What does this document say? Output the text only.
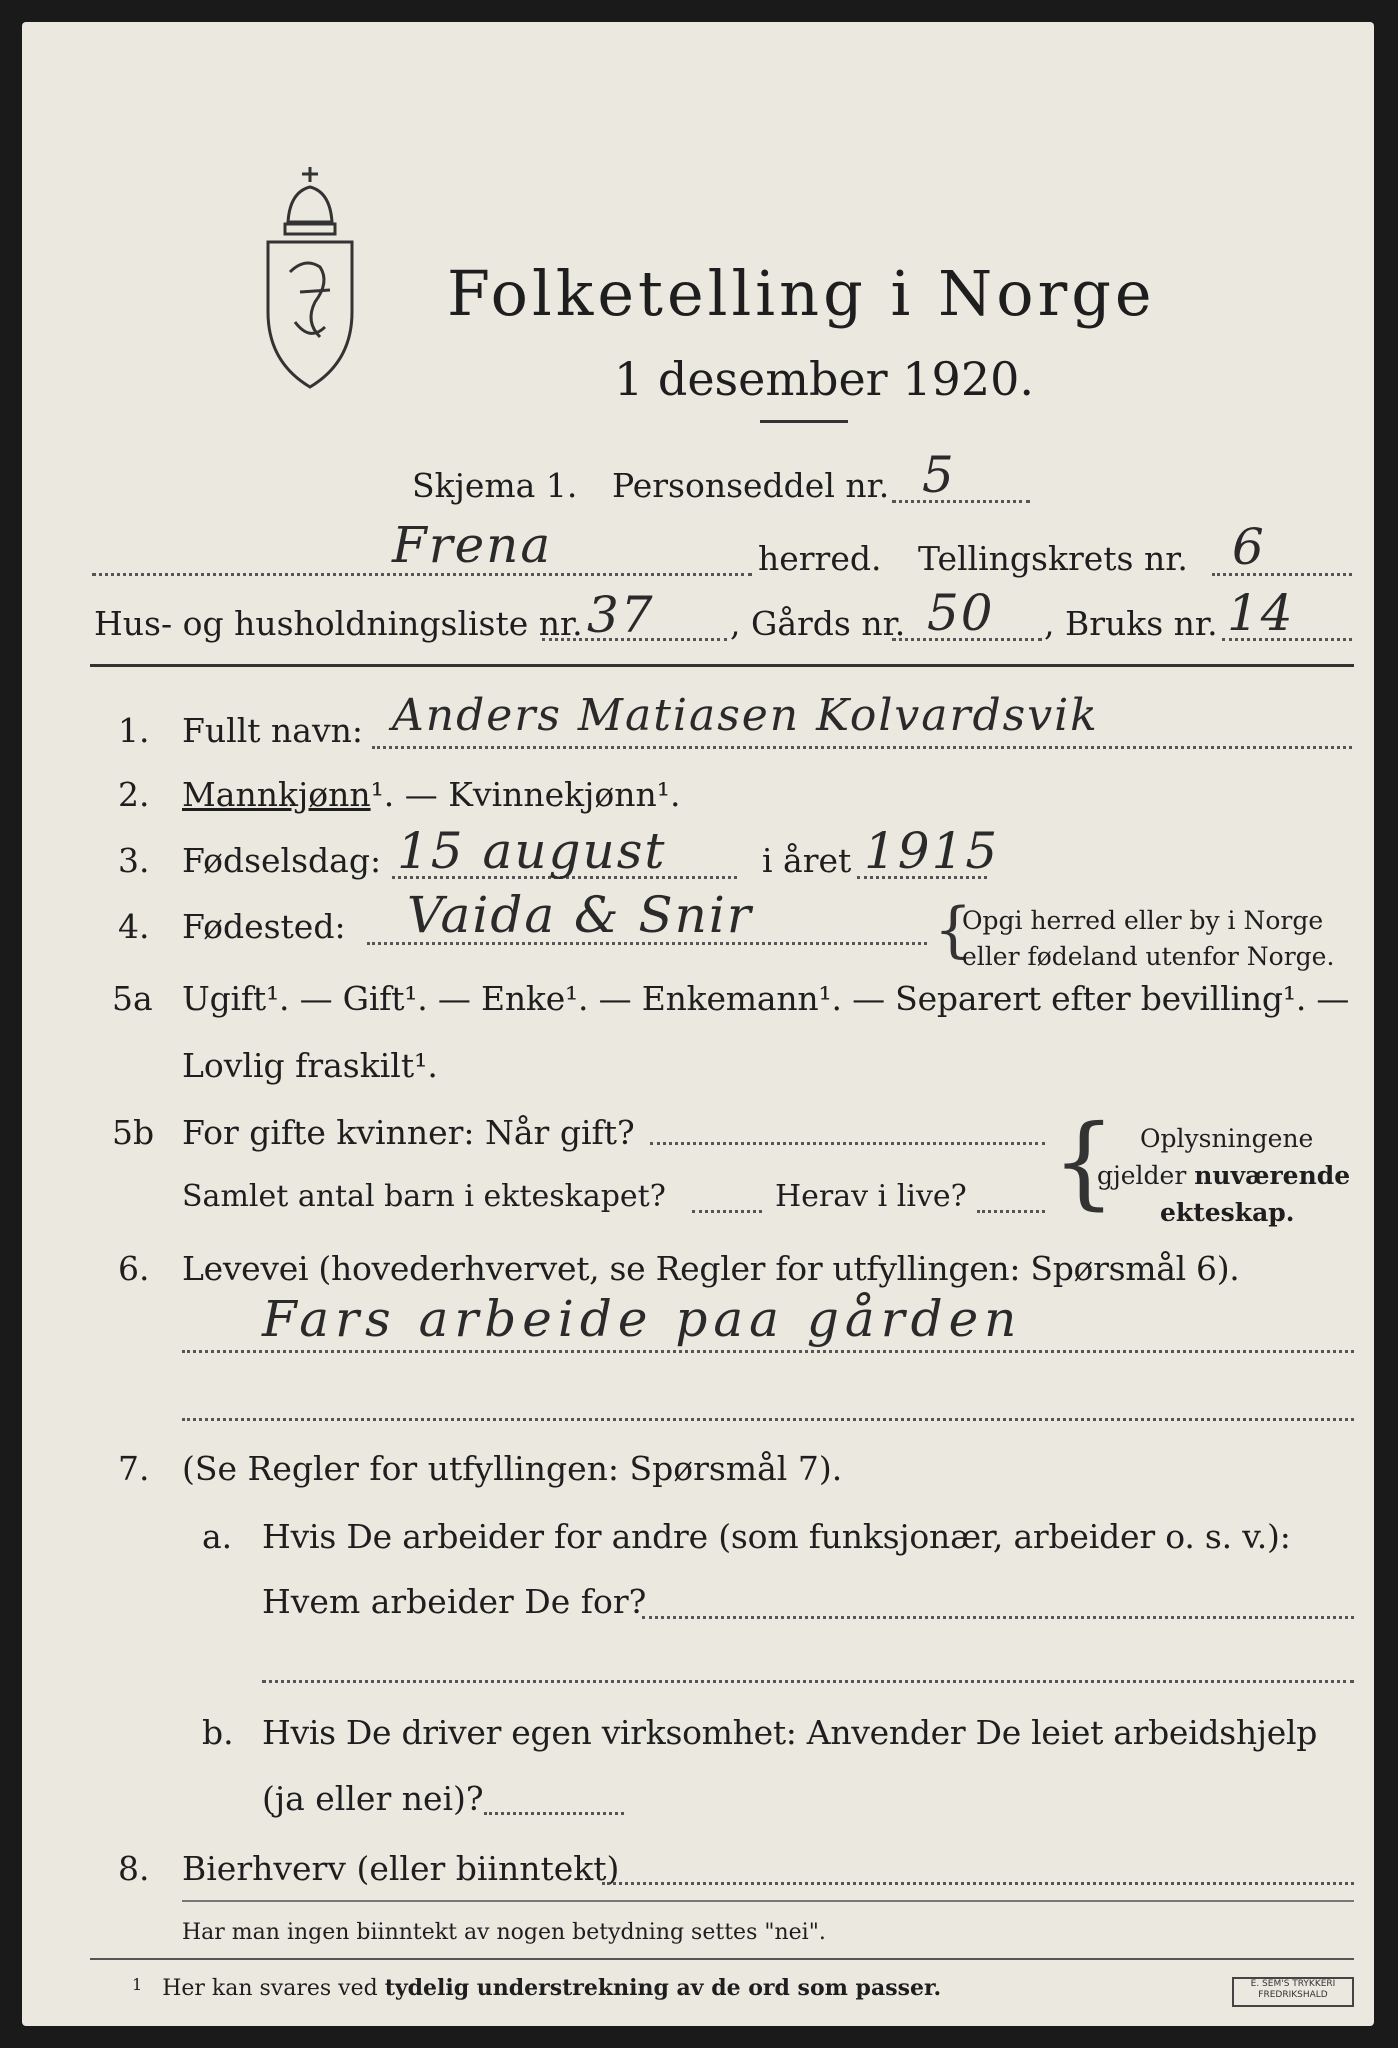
Folketelling i Norge
1 desember 1920.
Skjema 1. Personseddel nr. 5
Frena	herred. Tellingskrets nr. 6
Hus- og husholdningsliste nr. 37 , Gårds nr. 50 , Bruks nr. 14
1. Fullt navn: Anders Matiasen Kolvardsvik
2. Mannkjønn¹. — Kvinnekjønn¹.
3. Fødselsdag: 15 august	i året 1915
4. Fødested: Vaida & Snir	{
Opgi herred eller by i Norge
eller fødeland utenfor Norge.
5a Ugift¹. — Gift¹. — Enke¹. — Enkemann¹. — Separert efter bevilling¹. —
Lovlig fraskilt¹.
5b For gifte kvinner: Når gift?
Samlet antal barn i ekteskapet?	Herav i live? { Oplysningene
gjelder nuværende
ekteskap.
6. Levevei (hovederhvervet, se Regler for utfyllingen: Spørsmål 6).
Fars arbeide paa gården
7. (Se Regler for utfyllingen: Spørsmål 7).
a. Hvis De arbeider for andre (som funksjonær, arbeider o. s. v.):
Hvem arbeider De for?
b. Hvis De driver egen virksomhet: Anvender De leiet arbeidshjelp
(ja eller nei)?
8. Bierhverv (eller biinntekt)
Har man ingen biinntekt av nogen betydning settes "nei".
$^1$ Her kan svares ved tydelig understrekning av de ord som passer.	E. SEM'S TRYKKERI FREDRIKSHALD
